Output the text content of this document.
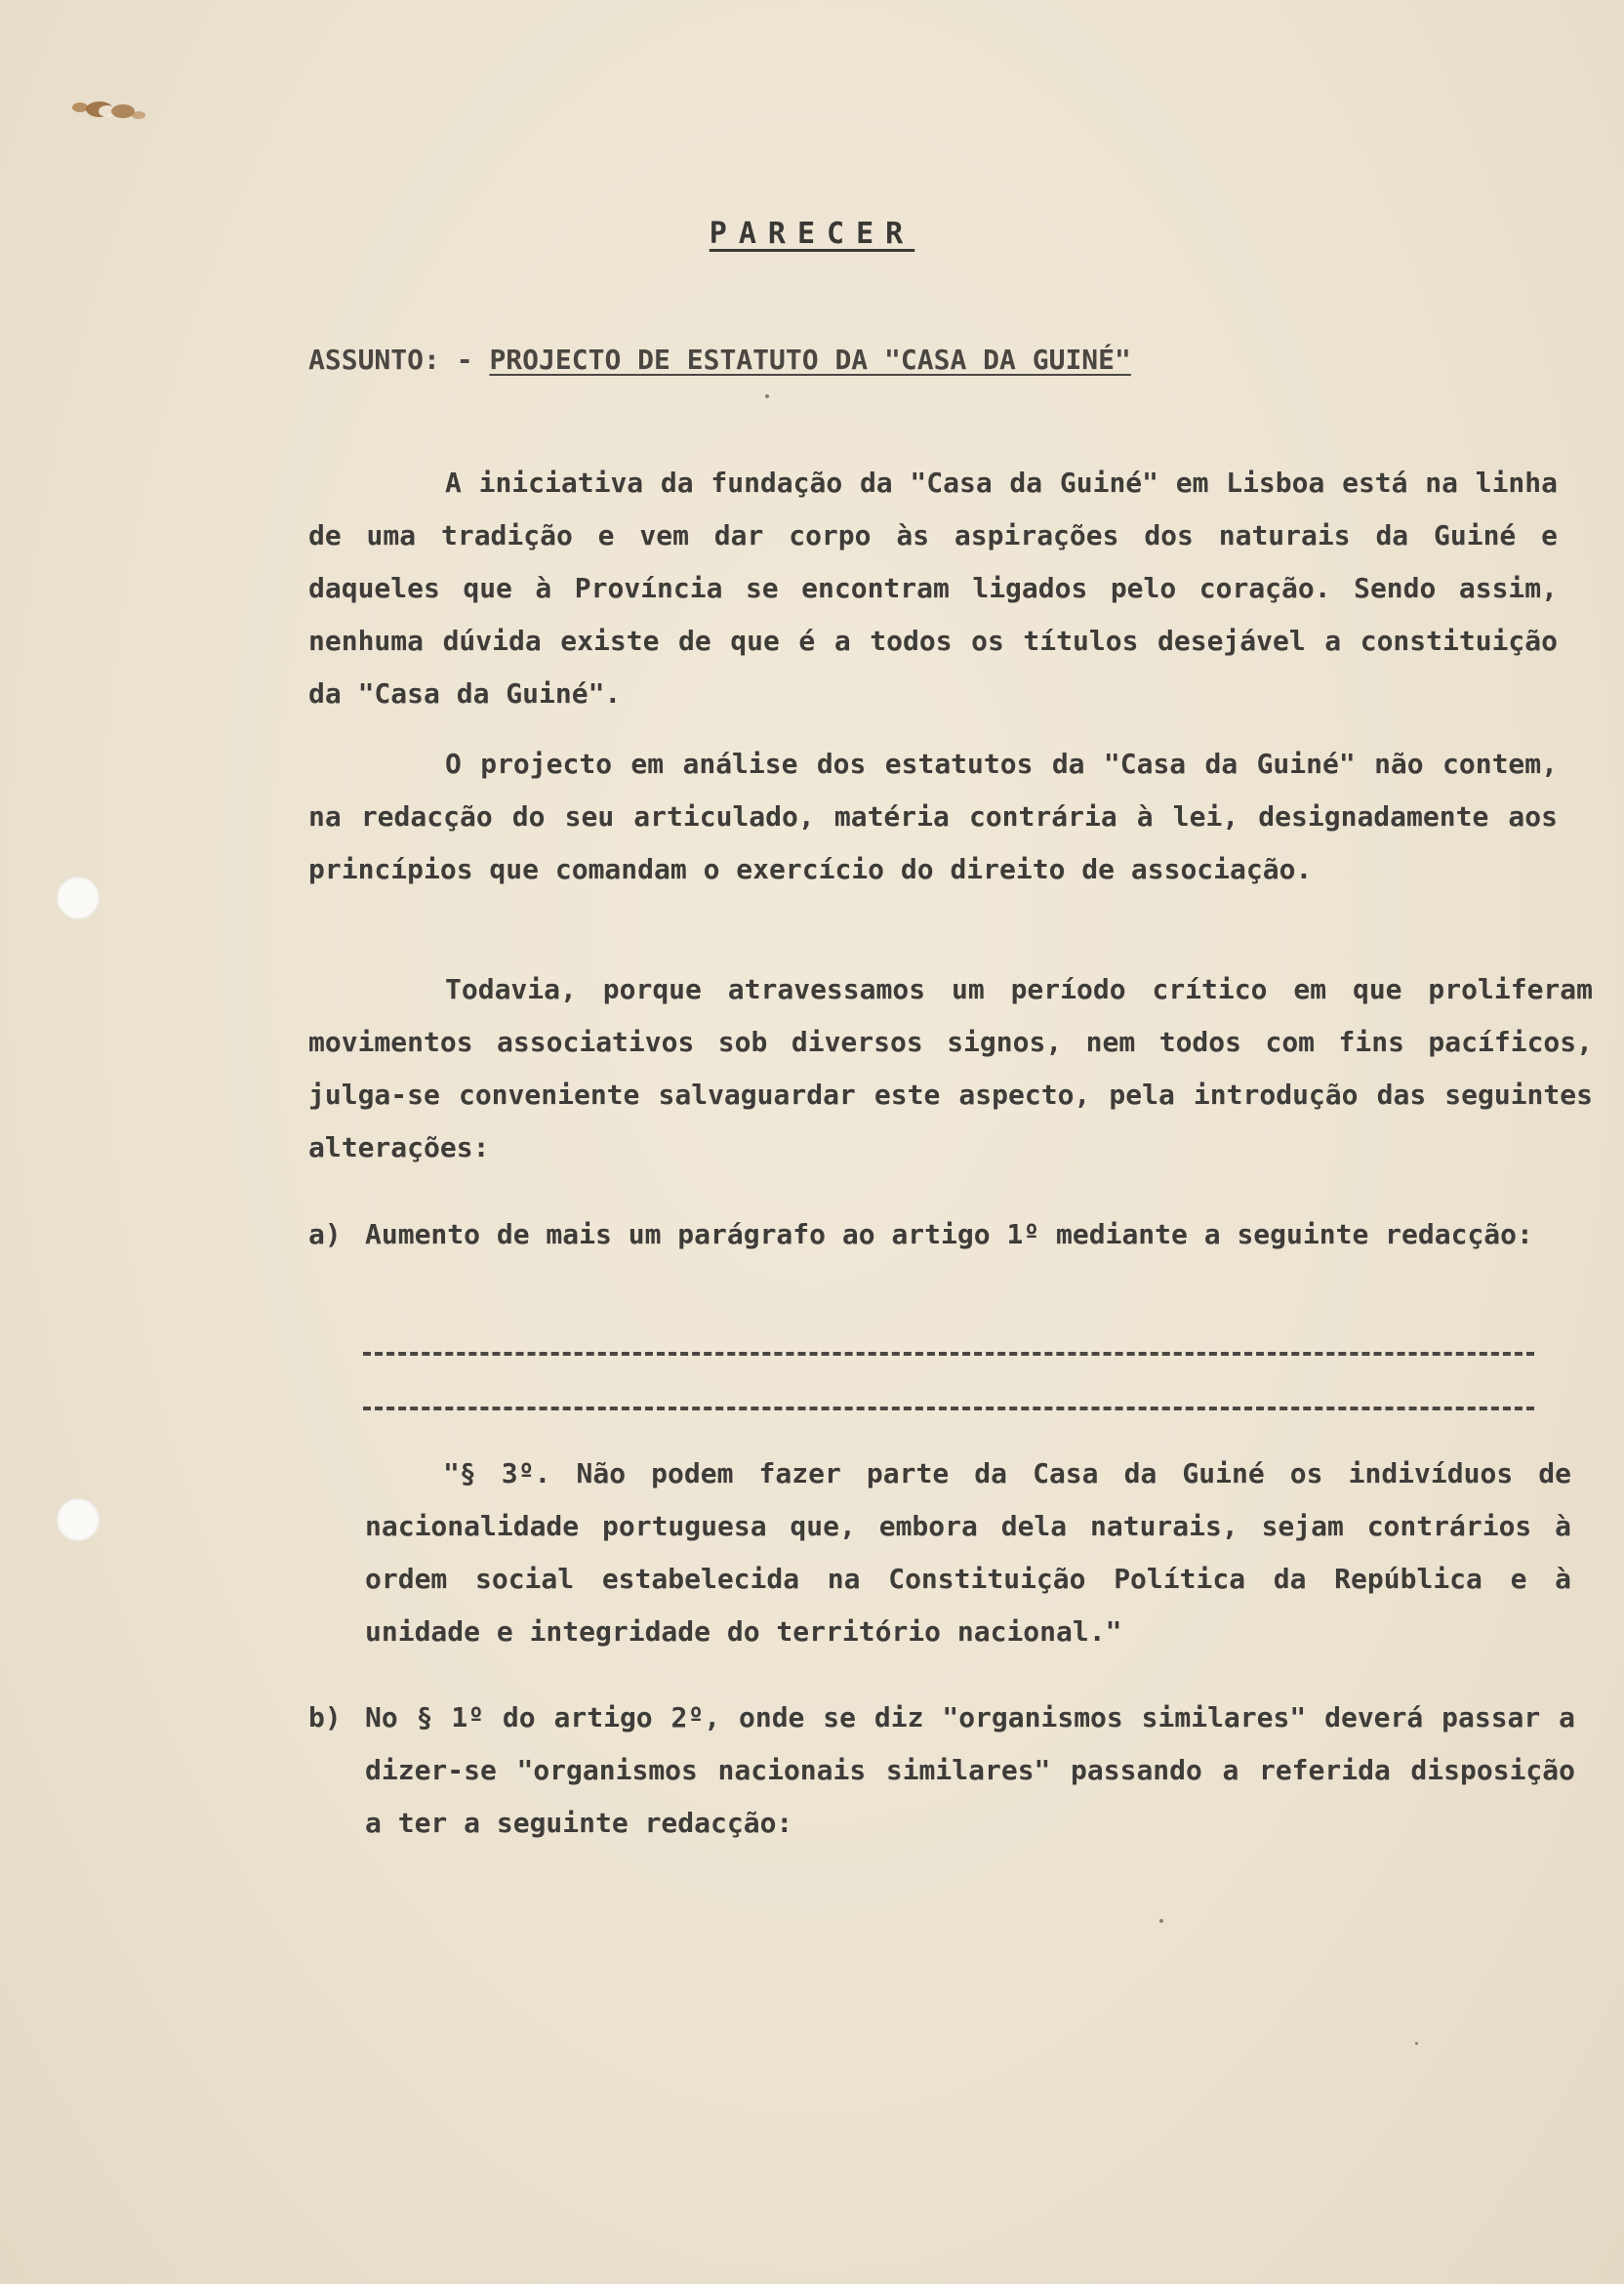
PARECER
ASSUNTO: - PROJECTO DE ESTATUTO DA "CASA DA GUINÉ"

A iniciativa da fundação da "Casa da Guiné" em Lisboa está na linha de uma tradição e vem dar corpo às aspirações dos naturais da Guiné e daqueles que à Província se encontram ligados pelo coração. Sendo assim, nenhuma dúvida existe de que é a todos os títulos desejável a constituição da "Casa da Guiné".

O projecto em análise dos estatutos da "Casa da Guiné" não contem, na redacção do seu articulado, matéria contrária à lei, designadamente aos princípios que comandam o exercício do direito de associação.

Todavia, porque atravessamos um período crítico em que proliferam movimentos associativos sob diversos signos, nem todos com fins pacíficos, julga-se conveniente salvaguardar este aspecto, pela introdução das seguintes alterações:

a) Aumento de mais um parágrafo ao artigo 1º mediante a seguinte redacção:

"§ 3º. Não podem fazer parte da Casa da Guiné os indivíduos de nacionalidade portuguesa que, embora dela naturais, sejam contrários à ordem social estabelecida na Constituição Política da República e à unidade e integridade do território nacional."

b) No § 1º do artigo 2º, onde se diz "organismos similares" deverá passar a dizer-se "organismos nacionais similares" passando a referida disposição a ter a seguinte redacção:
